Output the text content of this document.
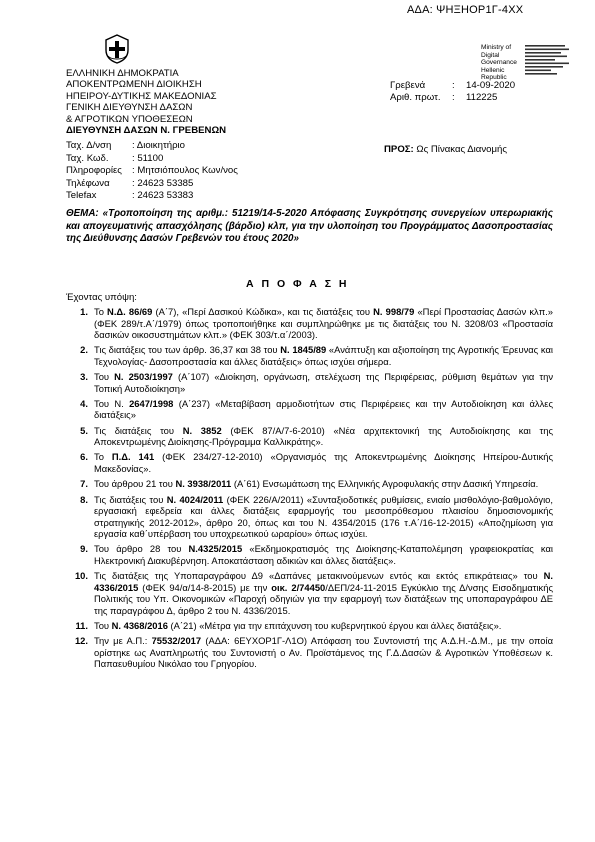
ΑΔΑ: ΨΗΞΗΟΡ1Γ-4ΧΧ
ΕΛΛΗΝΙΚΗ ΔΗΜΟΚΡΑΤΙΑ
ΑΠΟΚΕΝΤΡΩΜΕΝΗ ΔΙΟΙΚΗΣΗ
ΗΠΕΙΡΟΥ-ΔΥΤΙΚΗΣ ΜΑΚΕΔΟΝΙΑΣ
ΓΕΝΙΚΗ ΔΙΕΥΘΥΝΣΗ ΔΑΣΩΝ
& ΑΓΡΟΤΙΚΩΝ ΥΠΟΘΕΣΕΩΝ
ΔΙΕΥΘΥΝΣΗ ΔΑΣΩΝ Ν. ΓΡΕΒΕΝΩΝ
Ministry of Digital
Governance
Hellenic Republic
Γρεβενά	:	14-09-2020
Αριθ. πρωτ.	:	112225
Ταχ. Δ/νση	: Διοικητήριο
Ταχ. Κωδ.	: 51100
Πληροφορίες	: Μητσιόπουλος Κων/νος
Τηλέφωνα	: 24623 53385
Telefax	: 24623 53383
ΠΡΟΣ: Ως Πίνακας Διανομής
ΘΕΜΑ: «Τροποποίηση της αριθμ.: 51219/14-5-2020 Απόφασης Συγκρότησης συνεργείων υπερωριακής και απογευματινής απασχόλησης (βάρδιο) κλπ, για την υλοποίηση του Προγράμματος Δασοπροστασίας της Διεύθυνσης Δασών Γρεβενών του έτους 2020»
Α Π Ο Φ Α Σ Η
Έχοντας υπόψη:
1. Το Ν.Δ. 86/69 (Α΄7), «Περί Δασικού Κώδικα», και τις διατάξεις του Ν. 998/79 «Περί Προστασίας Δασών κλπ.» (ΦΕΚ 289/τ.Α΄/1979) όπως τροποποιήθηκε και συμπληρώθηκε με τις διατάξεις του Ν. 3208/03 «Προστασία δασικών οικοσυστημάτων κλπ.» (ΦΕΚ 303/τ.α΄/2003).
2. Τις διατάξεις του των άρθρ. 36,37 και 38 του Ν. 1845/89 «Ανάπτυξη και αξιοποίηση της Αγροτικής Έρευνας και Τεχνολογίας- Δασοπροστασία και άλλες διατάξεις» όπως ισχύει σήμερα.
3. Του Ν. 2503/1997 (Α΄107) «Διοίκηση, οργάνωση, στελέχωση της Περιφέρειας, ρύθμιση θεμάτων για την Τοπική Αυτοδιοίκηση»
4. Του Ν. 2647/1998 (Α΄237) «Μεταβίβαση αρμοδιοτήτων στις Περιφέρειες και την Αυτοδιοίκηση και άλλες διατάξεις»
5. Τις διατάξεις του Ν. 3852 (ΦΕΚ 87/Α/7-6-2010) «Νέα αρχιτεκτονική της Αυτοδιοίκησης και της Αποκεντρωμένης Διοίκησης-Πρόγραμμα Καλλικράτης».
6. Το Π.Δ. 141 (ΦΕΚ 234/27-12-2010) «Οργανισμός της Αποκεντρωμένης Διοίκησης Ηπείρου-Δυτικής Μακεδονίας».
7. Του άρθρου 21 του Ν. 3938/2011 (Α΄61) Ενσωμάτωση της Ελληνικής Αγροφυλακής στην Δασική Υπηρεσία.
8. Τις διατάξεις του Ν. 4024/2011 (ΦΕΚ 226/Α/2011) «Συνταξιοδοτικές ρυθμίσεις, ενιαίο μισθολόγιο-βαθμολόγιο, εργασιακή εφεδρεία και άλλες διατάξεις εφαρμογής του μεσοπρόθεσμου πλαισίου δημοσιονομικής στρατηγικής 2012-2012», άρθρο 20, όπως και του Ν. 4354/2015 (176 τ.Α΄/16-12-2015) «Αποζημίωση για εργασία καθ΄υπέρβαση του υποχρεωτικού ωραρίου» όπως ισχύει.
9. Του άρθρο 28 του Ν.4325/2015 «Εκδημοκρατισμός της Διοίκησης-Καταπολέμηση γραφειοκρατίας και Ηλεκτρονική Διακυβέρνηση. Αποκατάσταση αδικιών και άλλες διατάξεις».
10. Τις διατάξεις της Υποπαραγράφου Δ9 «Δαπάνες μετακινούμενων εντός και εκτός επικράτειας» του Ν. 4336/2015 (ΦΕΚ 94/α/14-8-2015) με την οικ. 2/74450/ΔΕΠ/24-11-2015 Εγκύκλιο της Δ/νσης Εισοδηματικής Πολιτικής του Υπ. Οικονομικών «Παροχή οδηγιών για την εφαρμογή των διατάξεων της υποπαραγράφου ΔΕ της παραγράφου Δ, άρθρο 2 του Ν. 4336/2015.
11. Του Ν. 4368/2016 (Α΄21) «Μέτρα για την επιτάχυνση του κυβερνητικού έργου και άλλες διατάξεις».
12. Την με Α.Π.: 75532/2017 (ΑΔΑ: 6ΕΥΧΟΡ1Γ-Λ1Ο) Απόφαση του Συντονιστή της Α.Δ.Η.-Δ.Μ., με την οποία ορίστηκε ως Αναπληρωτής του Συντονιστή ο Αν. Προϊστάμενος της Γ.Δ.Δασών & Αγροτικών Υποθέσεων κ. Παπαευθυμίου Νικόλαο του Γρηγορίου.
